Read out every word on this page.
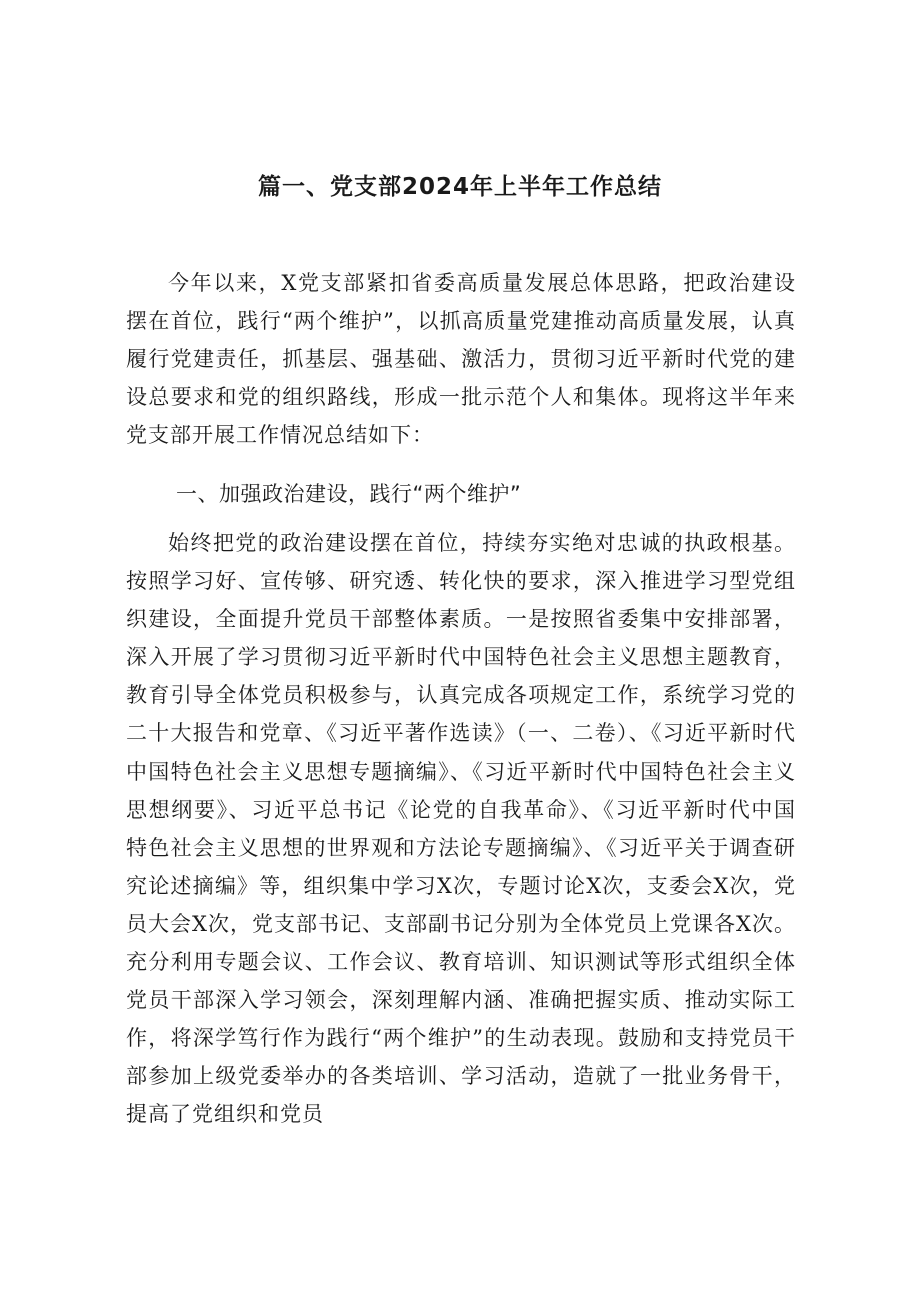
篇一、党支部2024年上半年工作总结

今年以来，X党支部紧扣省委高质量发展总体思路，把政治建设摆在首位，践行“两个维护”，以抓高质量党建推动高质量发展，认真履行党建责任，抓基层、强基础、激活力，贯彻习近平新时代党的建设总要求和党的组织路线，形成一批示范个人和集体。现将这半年来党支部开展工作情况总结如下：

一、加强政治建设，践行“两个维护”

始终把党的政治建设摆在首位，持续夯实绝对忠诚的执政根基。按照学习好、宣传够、研究透、转化快的要求，深入推进学习型党组织建设，全面提升党员干部整体素质。一是按照省委集中安排部署，深入开展了学习贯彻习近平新时代中国特色社会主义思想主题教育，教育引导全体党员积极参与，认真完成各项规定工作，系统学习党的二十大报告和党章、《习近平著作选读》（一、二卷）、《习近平新时代中国特色社会主义思想专题摘编》、《习近平新时代中国特色社会主义思想纲要》、习近平总书记《论党的自我革命》、《习近平新时代中国特色社会主义思想的世界观和方法论专题摘编》、《习近平关于调查研究论述摘编》等，组织集中学习X次，专题讨论X次，支委会X次，党员大会X次，党支部书记、支部副书记分别为全体党员上党课各X次。充分利用专题会议、工作会议、教育培训、知识测试等形式组织全体党员干部深入学习领会，深刻理解内涵、准确把握实质、推动实际工作，将深学笃行作为践行“两个维护”的生动表现。鼓励和支持党员干部参加上级党委举办的各类培训、学习活动，造就了一批业务骨干，提高了党组织和党员
